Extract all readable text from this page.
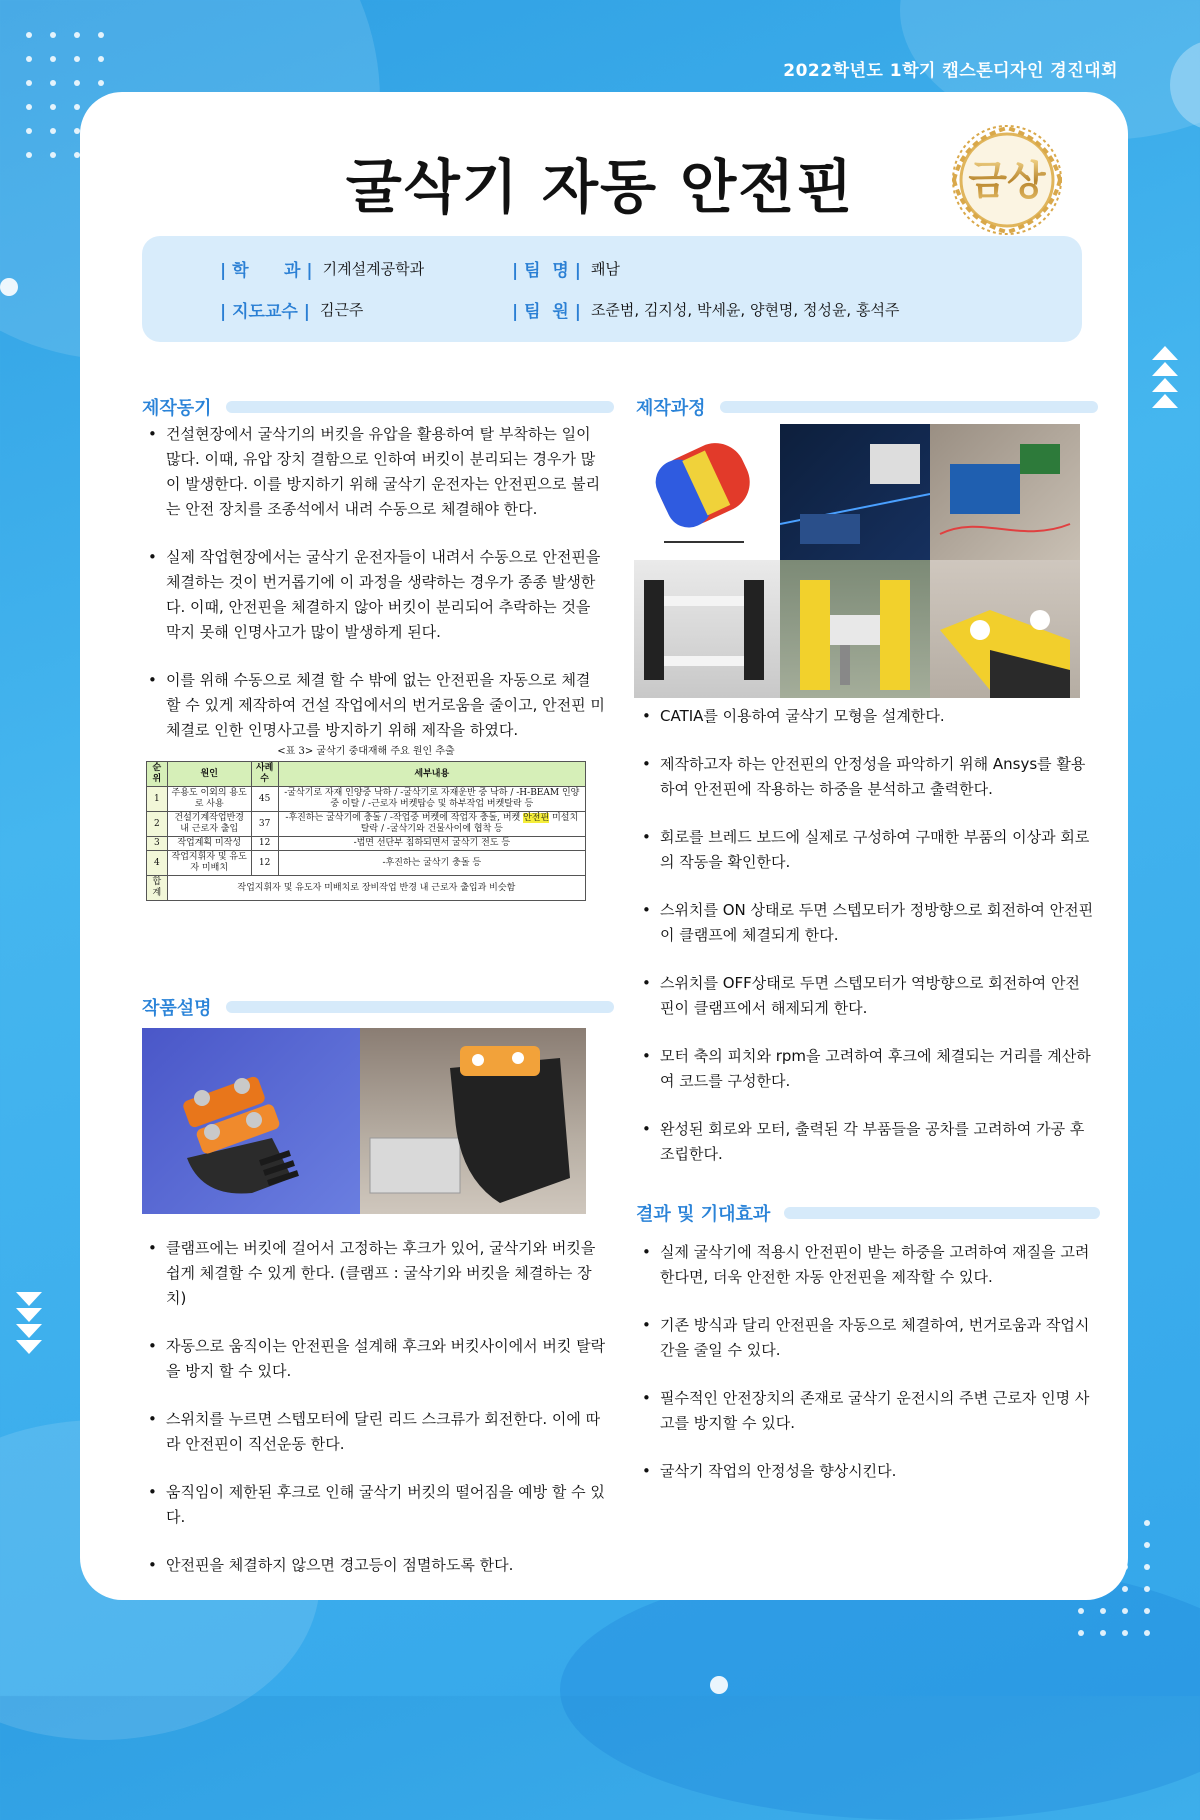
2022학년도 1학기 캡스톤디자인 경진대회
굴삭기 자동 안전핀	금상
| 학      과 | 기계설계공학과	| 팀  명 | 쾌남
| 지도교수 | 김근주	| 팀  원 | 조준범, 김지성, 박세윤, 양현명, 정성윤, 홍석주
제작동기

• 건설현장에서 굴삭기의 버킷을 유압을 활용하여 탈 부착하는 일이 많다. 이때, 유압 장치 결함으로 인하여 버킷이 분리되는 경우가 많이 발생한다. 이를 방지하기 위해 굴삭기 운전자는 안전핀으로 불리는 안전 장치를 조종석에서 내려 수동으로 체결해야 한다.

• 실제 작업현장에서는 굴삭기 운전자들이 내려서 수동으로 안전핀을 체결하는 것이 번거롭기에 이 과정을 생략하는 경우가 종종 발생한다. 이때, 안전핀을 체결하지 않아 버킷이 분리되어 추락하는 것을 막지 못해 인명사고가 많이 발생하게 된다.

• 이를 위해 수동으로 체결 할 수 밖에 없는 안전핀을 자동으로 체결 할 수 있게 제작하여 건설 작업에서의 번거로움을 줄이고, 안전핀 미 체결로 인한 인명사고를 방지하기 위해 제작을 하였다.

<표 3> 굴삭기 중대재해 주요 원인 추출
순위	원인	사례수	세부내용
1	주용도 이외의 용도로 사용	45	-굴삭기로 자재 인양중 낙하 / -굴삭기로 자재운반 중 낙하 / -H-BEAM 인양 중 이탈 / -근로자 버켓탑승 및 하부작업 버켓탈락 등
2	건설기계작업반경내 근로자 출입	37	-후진하는 굴삭기에 충돌 / -작업중 버켓에 작업자 충돌, 버켓 안전핀 미설치 탈락 / -굴삭기와 건물사이에 협착 등
3	작업계획 미작성	12	-법면 선단부 침하되면서 굴삭기 전도 등
4	작업지휘자 및 유도자 미배치	12	-후진하는 굴삭기 충돌 등
합계	작업지휘자 및 유도자 미배치로 장비작업 반경 내 근로자 출입과 비슷함		
작품설명

• 클램프에는 버킷에 걸어서 고정하는 후크가 있어, 굴삭기와 버킷을 쉽게 체결할 수 있게 한다. (클램프 : 굴삭기와 버킷을 체결하는 장치)

• 자동으로 움직이는 안전핀을 설계해 후크와 버킷사이에서 버킷 탈락을 방지 할 수 있다.

• 스위치를 누르면 스텝모터에 달린 리드 스크류가 회전한다. 이에 따라 안전핀이 직선운동 한다.

• 움직임이 제한된 후크로 인해 굴삭기 버킷의 떨어짐을 예방 할 수 있다.

• 안전핀을 체결하지 않으면 경고등이 점멸하도록 한다.

제작과정

• CATIA를 이용하여 굴삭기 모형을 설계한다.

• 제작하고자 하는 안전핀의 안정성을 파악하기 위해 Ansys를 활용하여 안전핀에 작용하는 하중을 분석하고 출력한다.

• 회로를 브레드 보드에 실제로 구성하여 구매한 부품의 이상과 회로의 작동을 확인한다.

• 스위치를 ON 상태로 두면 스텝모터가 정방향으로 회전하여 안전핀이 클램프에 체결되게 한다.

• 스위치를 OFF상태로 두면 스텝모터가 역방향으로 회전하여 안전핀이 클램프에서 해제되게 한다.

• 모터 축의 피치와 rpm을 고려하여 후크에 체결되는 거리를 계산하여 코드를 구성한다.

• 완성된 회로와 모터, 출력된 각 부품들을 공차를 고려하여 가공 후 조립한다.

결과 및 기대효과

• 실제 굴삭기에 적용시 안전핀이 받는 하중을 고려하여 재질을 고려한다면, 더욱 안전한 자동 안전핀을 제작할 수 있다.

• 기존 방식과 달리 안전핀을 자동으로 체결하여, 번거로움과 작업시간을 줄일 수 있다.

• 필수적인 안전장치의 존재로 굴삭기 운전시의 주변 근로자 인명 사고를 방지할 수 있다.

• 굴삭기 작업의 안정성을 향상시킨다.
